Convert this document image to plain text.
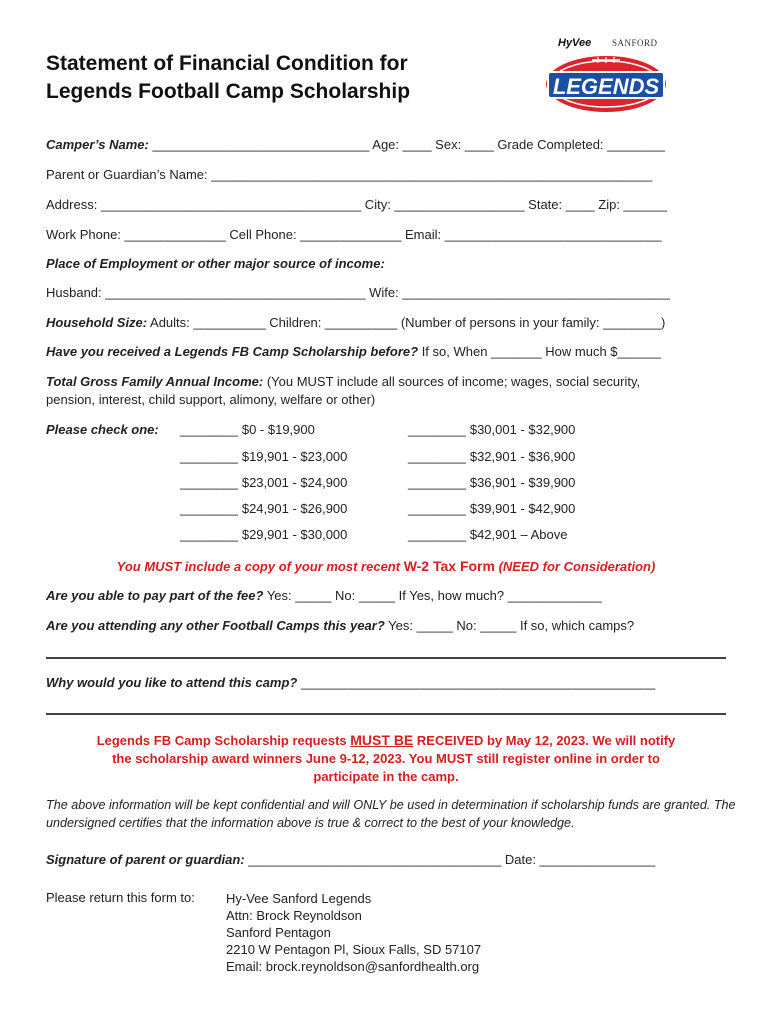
Statement of Financial Condition for
Legends Football Camp Scholarship
HyVee SANFORD
LEGENDS
Camper’s Name: ______________________________ Age: ____ Sex: ____ Grade Completed: ________
Parent or Guardian’s Name: _____________________________________________________________
Address: ____________________________________ City: __________________ State: ____ Zip: ______
Work Phone: ______________ Cell Phone: ______________ Email: ______________________________
Place of Employment or other major source of income:
Husband: ____________________________________ Wife: _____________________________________
Household Size: Adults: __________ Children: __________ (Number of persons in your family: ________)
Have you received a Legends FB Camp Scholarship before? If so, When _______ How much $______
Total Gross Family Annual Income: (You MUST include all sources of income; wages, social security,
pension, interest, child support, alimony, welfare or other)
Please check one: ________ $0 - $19,900
________ $19,901 - $23,000
________ $23,001 - $24,900
________ $24,901 - $26,900
________ $29,901 - $30,000
________ $30,001 - $32,900
________ $32,901 - $36,900
________ $36,901 - $39,900
________ $39,901 - $42,900
________ $42,901 – Above
You MUST include a copy of your most recent W-2 Tax Form (NEED for Consideration)
Are you able to pay part of the fee? Yes: _____ No: _____ If Yes, how much? _____________
Are you attending any other Football Camps this year? Yes: _____ No: _____ If so, which camps?
Why would you like to attend this camp? _________________________________________________
Legends FB Camp Scholarship requests MUST BE RECEIVED by May 12, 2023. We will notify
the scholarship award winners June 9-12, 2023. You MUST still register online in order to
participate in the camp.
The above information will be kept confidential and will ONLY be used in determination if scholarship funds are granted. The undersigned certifies that the information above is true & correct to the best of your knowledge.
Signature of parent or guardian: ___________________________________ Date: ________________
Please return this form to: Hy-Vee Sanford Legends
Attn: Brock Reynoldson
Sanford Pentagon
2210 W Pentagon Pl, Sioux Falls, SD 57107
Email: brock.reynoldson@sanfordhealth.org
